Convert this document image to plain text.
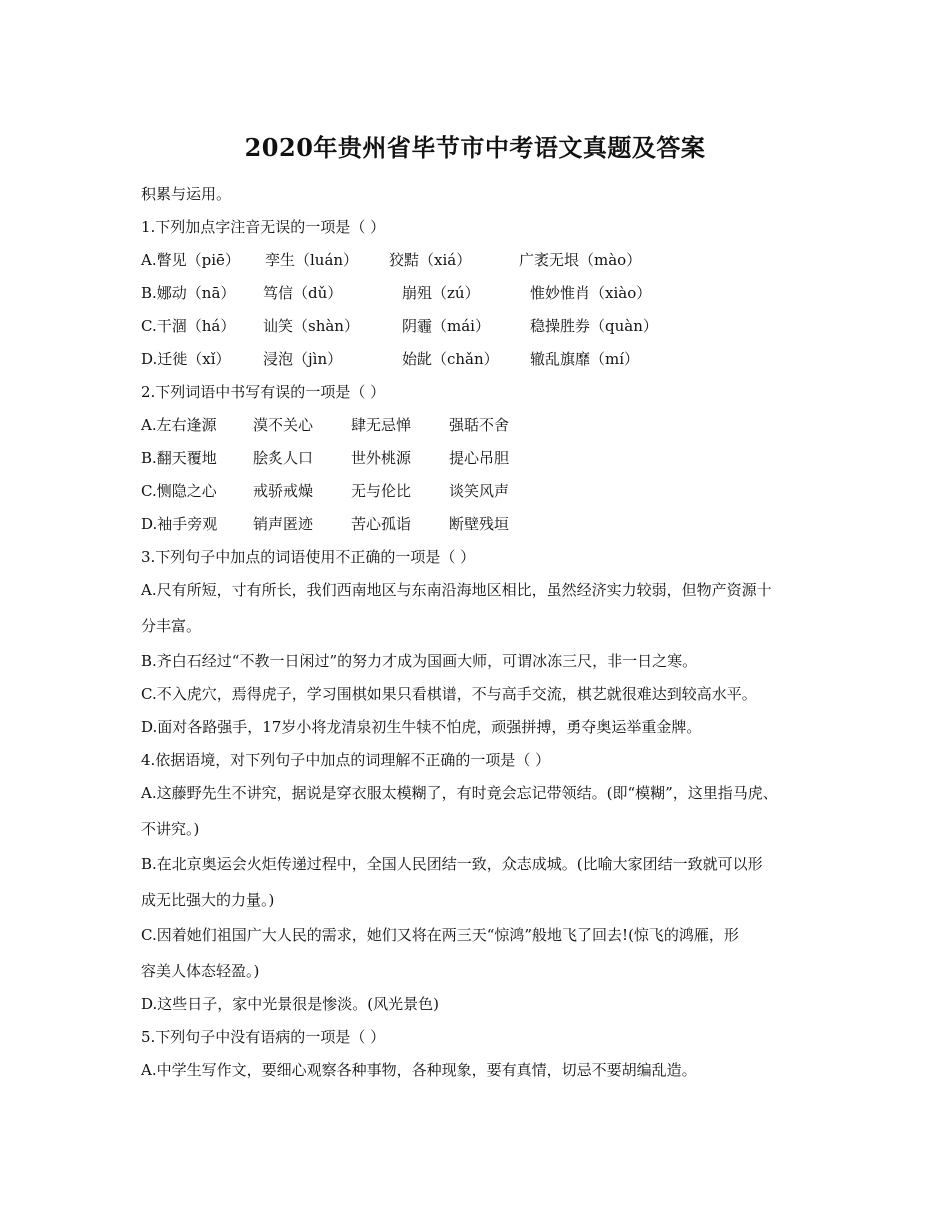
2020年贵州省毕节市中考语文真题及答案
积累与运用。
1.下列加点字注音无误的一项是（ ）
A.瞥见（piē） 孪生（luán） 狡黠（xiá）	广袤无垠（mào）
B.娜动（nā） 笃信（dǔ）	崩殂（zú）	惟妙惟肖（xiào）
C.干涸（há） 讪笑（shàn）	阴霾（mái）	稳操胜券（quàn）
D.迁徙（xǐ） 浸泡（jìn）	始龀（chǎn） 辙乱旗靡（mí）
2.下列词语中书写有误的一项是（ ）
A.左右逢源 漠不关心	肆无忌惮	强聒不舍
B.翻天覆地 脍炙人口	世外桃源	提心吊胆
C.恻隐之心 戒骄戒燥	无与伦比	谈笑风声
D.袖手旁观 销声匿迹	苦心孤诣	断壁残垣
3.下列句子中加点的词语使用不正确的一项是（ ）
A.尺有所短，寸有所长，我们西南地区与东南沿海地区相比，虽然经济实力较弱，但物产资源十
分丰富。
B.齐白石经过“不教一日闲过”的努力才成为国画大师，可谓冰冻三尺，非一日之寒。
C.不入虎穴，焉得虎子，学习围棋如果只看棋谱，不与高手交流，棋艺就很难达到较高水平。
D.面对各路强手，17岁小将龙清泉初生牛犊不怕虎，顽强拼搏，勇夺奥运举重金牌。
4.依据语境，对下列句子中加点的词理解不正确的一项是（ ）
A.这藤野先生不讲究，据说是穿衣服太模糊了，有时竟会忘记带领结。(即“模糊”，这里指马虎、
不讲究。)
B.在北京奥运会火炬传递过程中，全国人民团结一致，众志成城。(比喻大家团结一致就可以形
成无比强大的力量。)
C.因着她们祖国广大人民的需求，她们又将在两三天“惊鸿”般地飞了回去!(惊飞的鸿雁，形
容美人体态轻盈。)
D.这些日子，家中光景很是惨淡。(风光景色)
5.下列句子中没有语病的一项是（ ）
A.中学生写作文，要细心观察各种事物，各种现象，要有真情，切忌不要胡编乱造。
